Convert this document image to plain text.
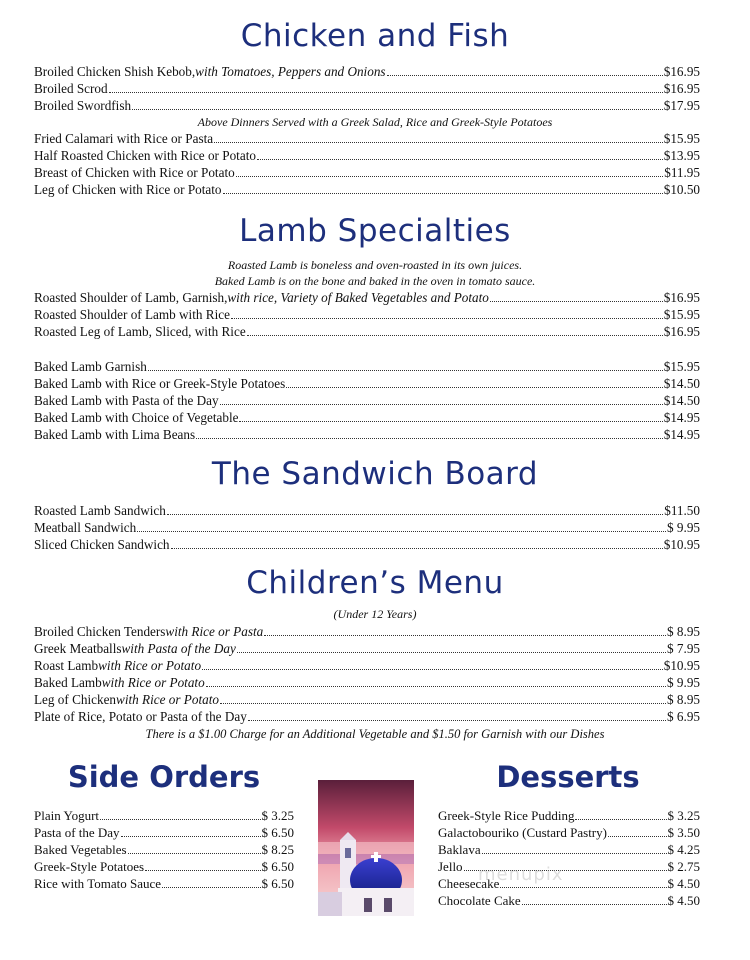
Chicken and Fish
Broiled Chicken Shish Kebob, with Tomatoes, Peppers and Onions	$16.95
Broiled Scrod	$16.95
Broiled Swordfish	$17.95
Above Dinners Served with a Greek Salad, Rice and Greek-Style Potatoes
Fried Calamari with Rice or Pasta	$15.95
Half Roasted Chicken with Rice or Potato	$13.95
Breast of Chicken with Rice or Potato	$11.95
Leg of Chicken with Rice or Potato	$10.50
Lamb Specialties
Roasted Lamb is boneless and oven-roasted in its own juices.
Baked Lamb is on the bone and baked in the oven in tomato sauce.
Roasted Shoulder of Lamb, Garnish, with rice, Variety of Baked Vegetables and Potato	$16.95
Roasted Shoulder of Lamb with Rice	$15.95
Roasted Leg of Lamb, Sliced, with Rice	$16.95
Baked Lamb Garnish	$15.95
Baked Lamb with Rice or Greek-Style Potatoes	$14.50
Baked Lamb with Pasta of the Day	$14.50
Baked Lamb with Choice of Vegetable	$14.95
Baked Lamb with Lima Beans	$14.95
The Sandwich Board
Roasted Lamb Sandwich	$11.50
Meatball Sandwich	$ 9.95
Sliced Chicken Sandwich	$10.95
Children’s Menu
(Under 12 Years)
Broiled Chicken Tenders with Rice or Pasta	$ 8.95
Greek Meatballs with Pasta of the Day	$ 7.95
Roast Lamb with Rice or Potato	$10.95
Baked Lamb with Rice or Potato	$ 9.95
Leg of Chicken with Rice or Potato	$ 8.95
Plate of Rice, Potato or Pasta of the Day	$ 6.95
There is a $1.00 Charge for an Additional Vegetable and $1.50 for Garnish with our Dishes
Side Orders
Plain Yogurt	$ 3.25
Pasta of the Day	$ 6.50
Baked Vegetables	$ 8.25
Greek-Style Potatoes	$ 6.50
Rice with Tomato Sauce	$ 6.50
Desserts
Greek-Style Rice Pudding	$ 3.25
Galactobouriko (Custard Pastry)	$ 3.50
Baklava	$ 4.25
Jello	$ 2.75
Cheesecake	$ 4.50
Chocolate Cake	$ 4.50
menupix
